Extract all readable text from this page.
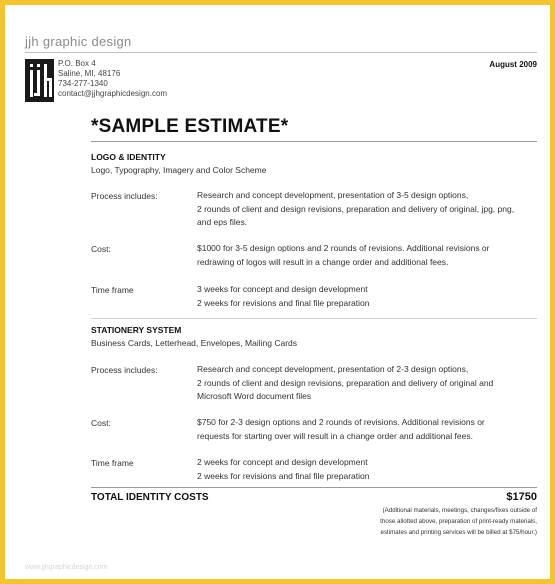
jjh graphic design
P.O. Box 4
Saline, MI, 48176
734-277-1340
contact@jjhgraphicdesign.com
August 2009
*SAMPLE ESTIMATE*
LOGO & IDENTITY
Logo, Typography, Imagery and Color Scheme
Process includes:	Research and concept development, presentation of 3-5 design options,
2 rounds of client and design revisions, preparation and delivery of original, jpg, png,
and eps files.
Cost:	$1000 for 3-5 design options and 2 rounds of revisions. Additional revisions or
redrawing of logos will result in a change order and additional fees.
Time frame	3 weeks for concept and design development
2 weeks for revisions and final file preparation
STATIONERY SYSTEM
Business Cards, Letterhead, Envelopes, Mailing Cards
Process includes:	Research and concept development, presentation of 2-3 design options,
2 rounds of client and design revisions, preparation and delivery of original and
Microsoft Word document files
Cost:	$750 for 2-3 design options and 2 rounds of revisions. Additional revisions or
requests for starting over will result in a change order and additional fees.
Time frame	2 weeks for concept and design development
2 weeks for revisions and final file preparation
TOTAL IDENTITY COSTS	$1750
(Additional materials, meetings, changes/fixes outside of
those allotted above, preparation of print-ready materials,
estimates and printing services will be billed at $75/hour.)
www.jjhgraphicdesign.com
